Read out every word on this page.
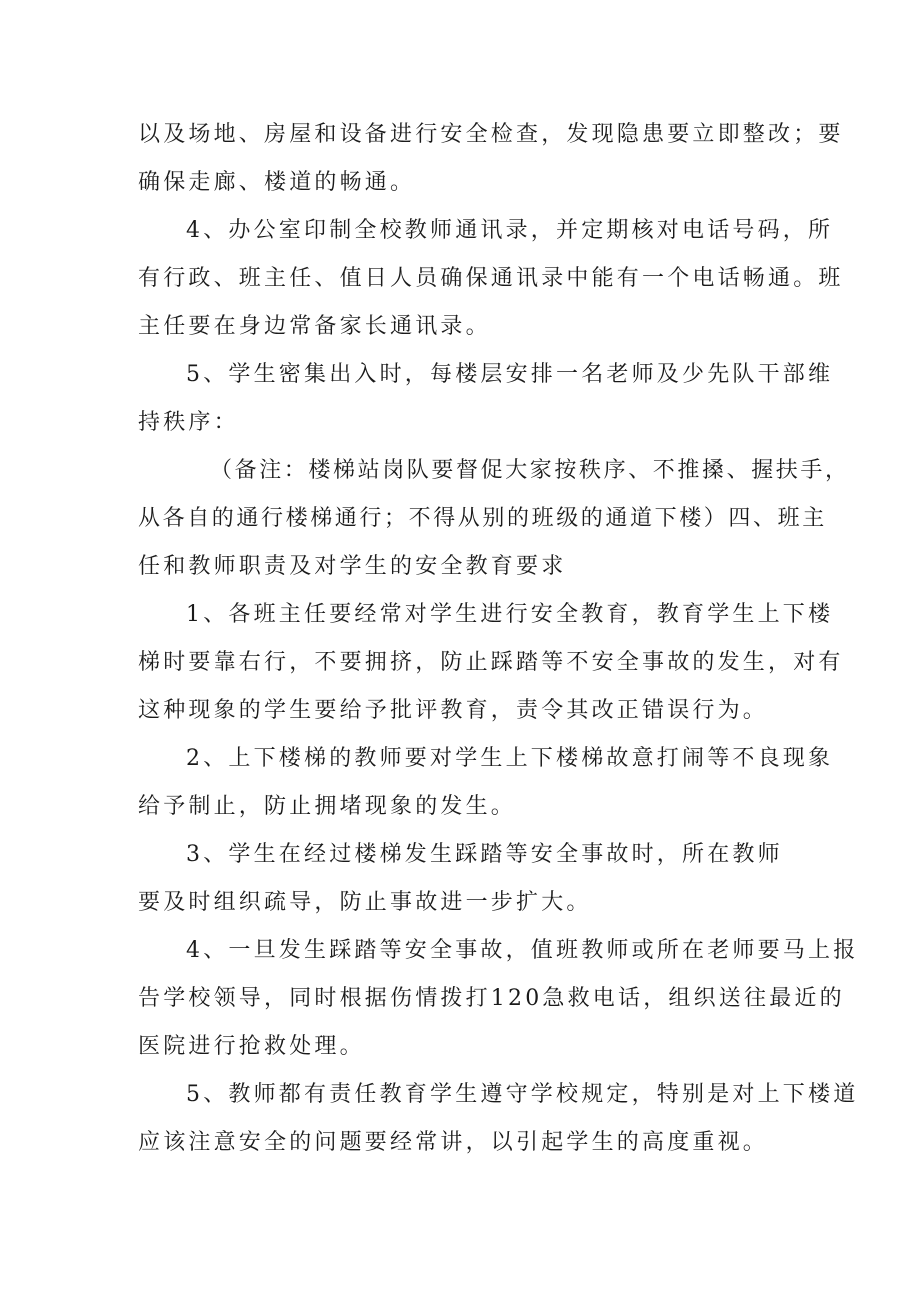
以及场地、房屋和设备进行安全检查，发现隐患要立即整改；要
确保走廊、楼道的畅通。
4、办公室印制全校教师通讯录，并定期核对电话号码，所
有行政、班主任、值日人员确保通讯录中能有一个电话畅通。班
主任要在身边常备家长通讯录。
5、学生密集出入时，每楼层安排一名老师及少先队干部维
持秩序：
（备注：楼梯站岗队要督促大家按秩序、不推搡、握扶手，
从各自的通行楼梯通行；不得从别的班级的通道下楼）四、班主
任和教师职责及对学生的安全教育要求
1、各班主任要经常对学生进行安全教育，教育学生上下楼
梯时要靠右行，不要拥挤，防止踩踏等不安全事故的发生，对有
这种现象的学生要给予批评教育，责令其改正错误行为。
2、上下楼梯的教师要对学生上下楼梯故意打闹等不良现象
给予制止，防止拥堵现象的发生。
3、学生在经过楼梯发生踩踏等安全事故时，所在教师
要及时组织疏导，防止事故进一步扩大。
4、一旦发生踩踏等安全事故，值班教师或所在老师要马上报
告学校领导，同时根据伤情拨打120急救电话，组织送往最近的
医院进行抢救处理。
5、教师都有责任教育学生遵守学校规定，特别是对上下楼道
应该注意安全的问题要经常讲，以引起学生的高度重视。
